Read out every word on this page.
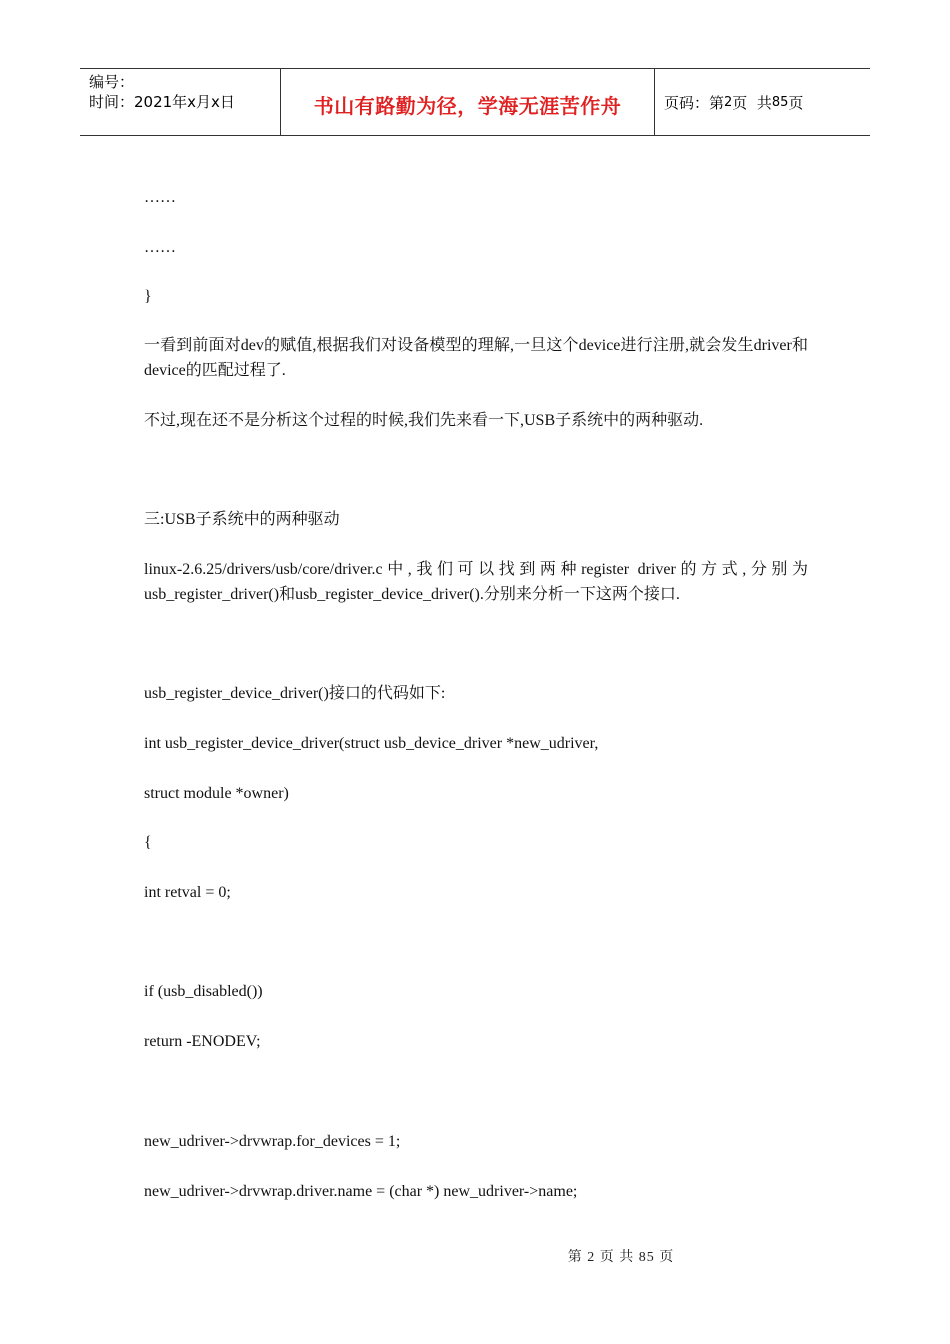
编号：
时间：2021年x月x日	书山有路勤为径，学海无涯苦作舟	页码：第 2 页  共 85 页
……
……
}
一看到前面对dev的赋值,根据我们对设备模型的理解,一旦这个device进行注册,就会发生driver和device的匹配过程了.
不过,现在还不是分析这个过程的时候,我们先来看一下,USB子系统中的两种驱动.
三:USB子系统中的两种驱动
linux-2.6.25/drivers/usb/core/driver.c中,我们可以找到两种register driver的方式,分别为usb_register_driver()和usb_register_device_driver().分别来分析一下这两个接口.
usb_register_device_driver()接口的代码如下:
int usb_register_device_driver(struct usb_device_driver *new_udriver,
struct module *owner)
{
int retval = 0;
if (usb_disabled())
return -ENODEV;
new_udriver->drvwrap.for_devices = 1;
new_udriver->drvwrap.driver.name = (char *) new_udriver->name;
第 2 页 共 85 页
